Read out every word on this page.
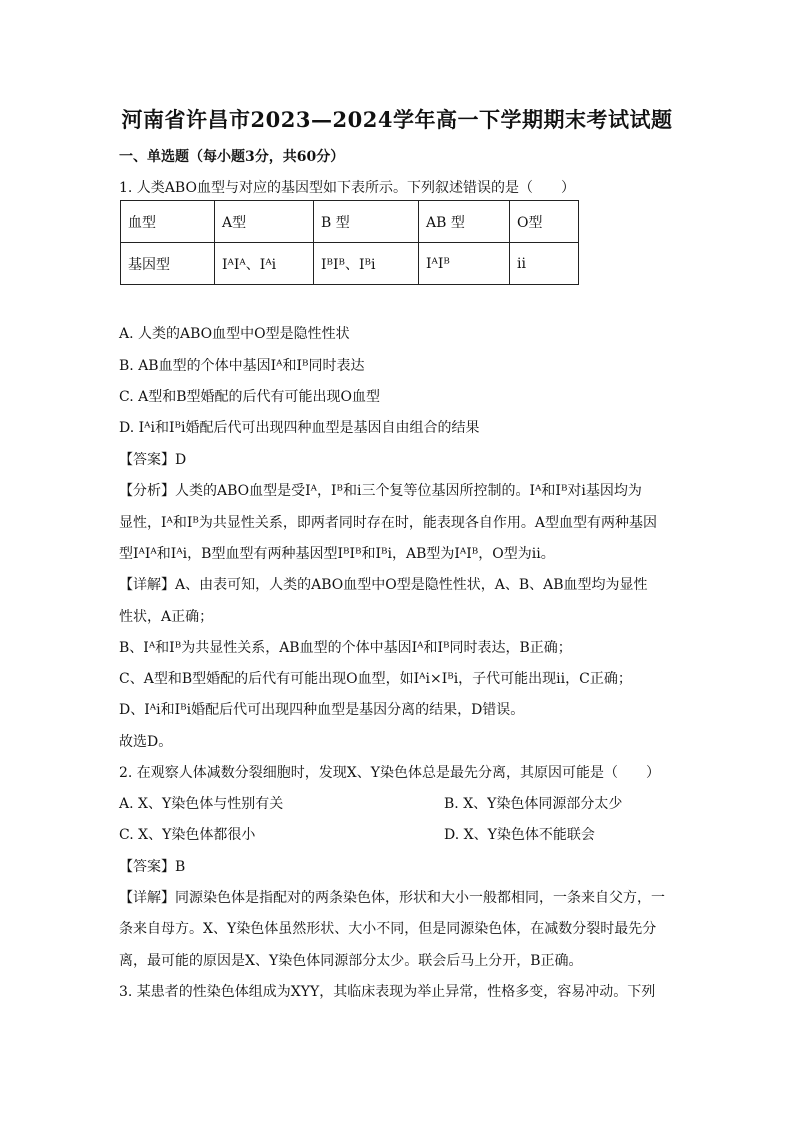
河南省许昌市2023—2024学年高一下学期期末考试试题
一、单选题（每小题3分，共60分）
1. 人类ABO血型与对应的基因型如下表所示。下列叙述错误的是（　　）
血型	A型	B 型	AB 型	O型
基因型	IᴬIᴬ、Iᴬi	IᴮIᴮ、Iᴮi	IᴬIᴮ	ii
A. 人类的ABO血型中O型是隐性性状
B. AB血型的个体中基因Iᴬ和Iᴮ同时表达
C. A型和B型婚配的后代有可能出现O血型
D. Iᴬi和Iᴮi婚配后代可出现四种血型是基因自由组合的结果
【答案】D
【分析】人类的ABO血型是受Iᴬ，Iᴮ和i三个复等位基因所控制的。Iᴬ和Iᴮ对i基因均为
显性，Iᴬ和Iᴮ为共显性关系，即两者同时存在时，能表现各自作用。A型血型有两种基因
型IᴬIᴬ和Iᴬi，B型血型有两种基因型IᴮIᴮ和Iᴮi，AB型为IᴬIᴮ，O型为ii。
【详解】A、由表可知，人类的ABO血型中O型是隐性性状，A、B、AB血型均为显性
性状，A正确；
B、Iᴬ和Iᴮ为共显性关系，AB血型的个体中基因Iᴬ和Iᴮ同时表达，B正确；
C、A型和B型婚配的后代有可能出现O血型，如Iᴬi×Iᴮi，子代可能出现ii，C正确；
D、Iᴬi和Iᴮi婚配后代可出现四种血型是基因分离的结果，D错误。
故选D。
2. 在观察人体减数分裂细胞时，发现X、Y染色体总是最先分离，其原因可能是（　　）
A. X、Y染色体与性别有关	B. X、Y染色体同源部分太少
C. X、Y染色体都很小	D. X、Y染色体不能联会
【答案】B
【详解】同源染色体是指配对的两条染色体，形状和大小一般都相同，一条来自父方，一
条来自母方。X、Y染色体虽然形状、大小不同，但是同源染色体，在减数分裂时最先分
离，最可能的原因是X、Y染色体同源部分太少。联会后马上分开，B正确。
3. 某患者的性染色体组成为XYY，其临床表现为举止异常，性格多变，容易冲动。下列
